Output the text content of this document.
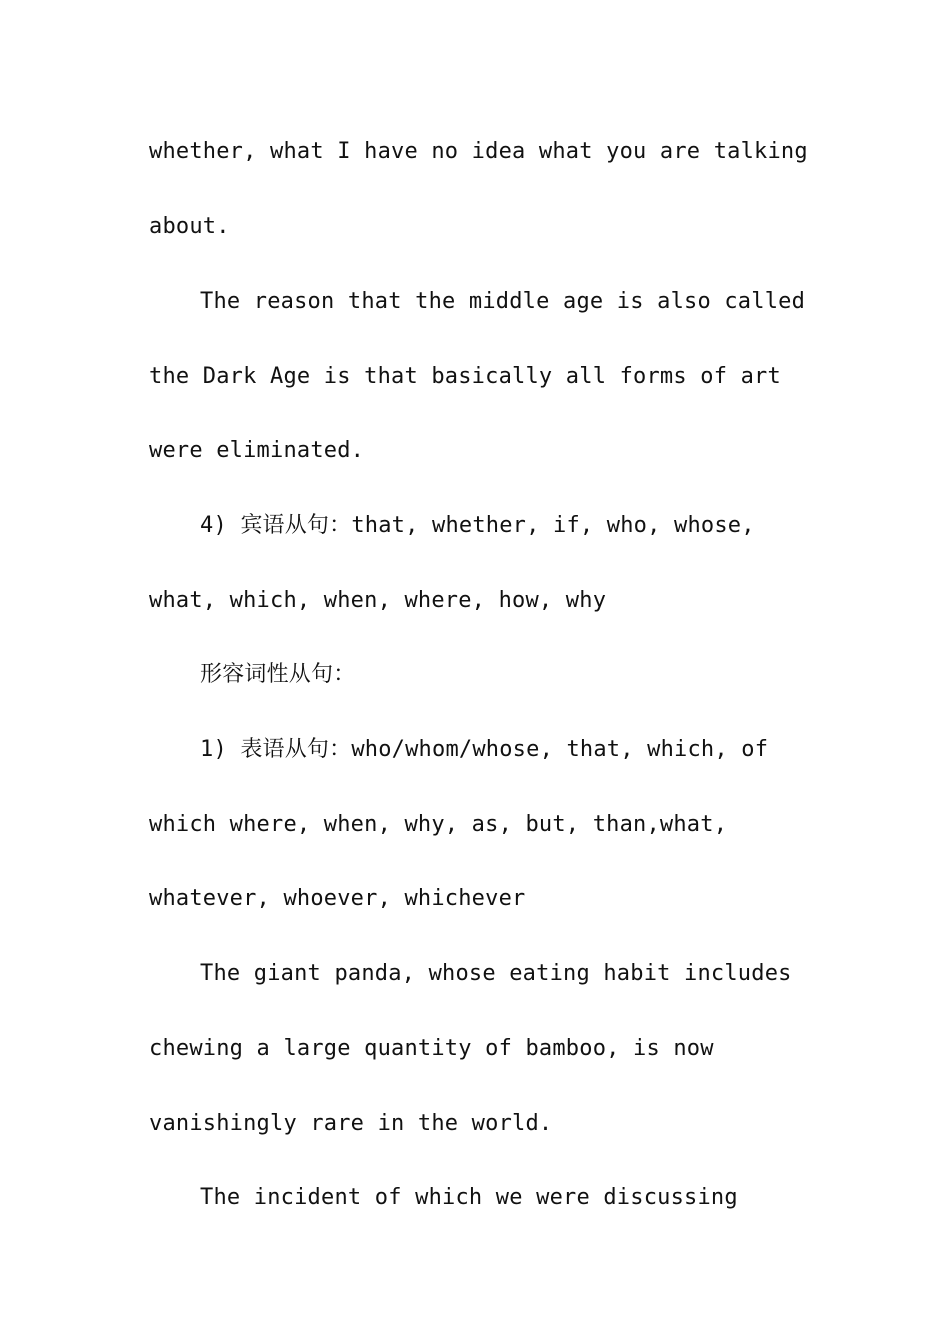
whether, what I have no idea what you are talking
about.
The reason that the middle age is also called
the Dark Age is that basically all forms of art
were eliminated.
4) 宾语从句：that, whether, if, who, whose,
what, which, when, where, how, why
形容词性从句：
1) 表语从句：who/whom/whose, that, which, of
which where, when, why, as, but, than,what,
whatever, whoever, whichever
The giant panda, whose eating habit includes
chewing a large quantity of bamboo, is now
vanishingly rare in the world.
The incident of which we were discussing
